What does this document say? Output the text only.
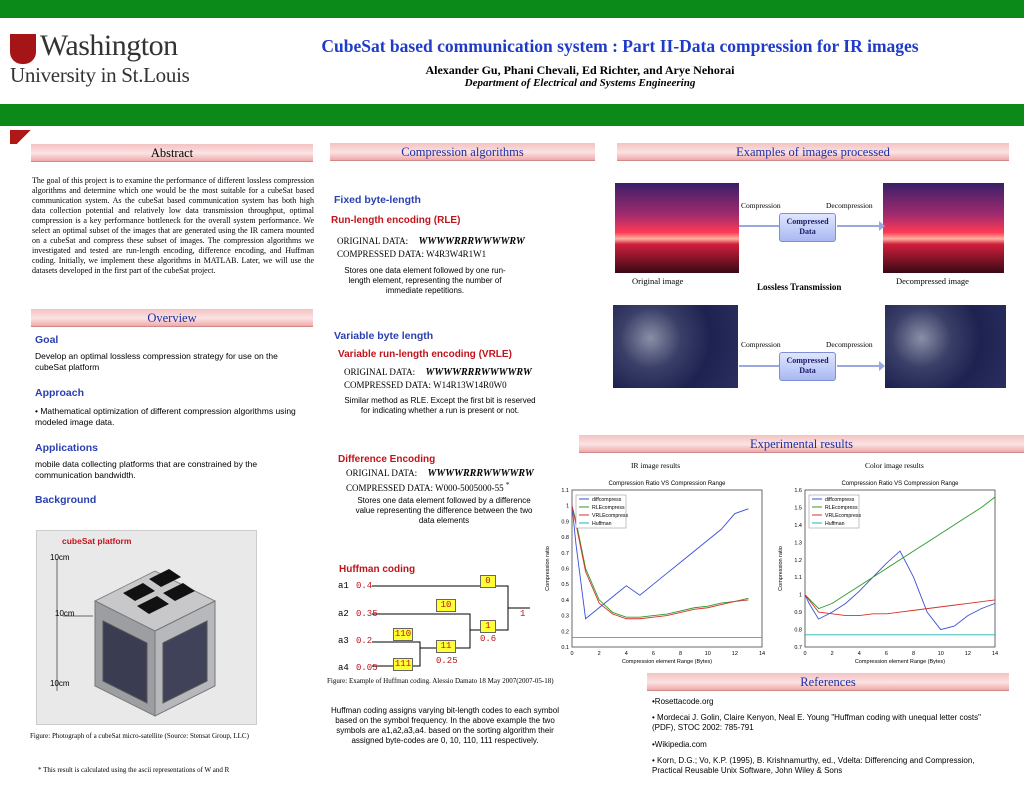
Washington
University in St.Louis
CubeSat based communication system : Part II-Data compression for IR images
Alexander Gu, Phani Chevali, Ed Richter, and Arye Nehorai
Department of Electrical and Systems Engineering
Abstract
The goal of this project is to examine the performance of different lossless compression algorithms and determine which one would be the most suitable for a cubeSat based communication system. As the cubeSat based communication system has both high data collection potential and relatively low data transmission throughput, optimal compression is a key performance bottleneck for the overall system performance. We select an optimal subset of the images that are generated using the IR camera mounted on a cubeSat and compress these subset of images. The compression algorithms we investigated and tested are run-length encoding, difference encoding, and Huffman coding. Initially, we implement these algorithms in MATLAB. Later, we will use the datasets developed in the first part of the cubeSat project.
Overview
Goal
Develop an optimal lossless compression strategy for use on the cubeSat platform
Approach
• Mathematical optimization of different compression algorithms using modeled image data.
Applications
mobile data collecting platforms that are constrained by the communication bandwidth.
Background
cubeSat platform
10cm
10cm
10cm
Figure: Photograph of a cubeSat micro-satellite (Source: Stensat Group, LLC)
* This result is calculated using the ascii representations of W and R
Compression algorithms
Fixed byte-length
Run-length encoding (RLE)
ORIGINAL DATA: WWWWRRRWWWWRW
COMPRESSED DATA: W4R3W4R1W1
Stores one data element followed by one run-length element, representing the number of immediate repetitions.
Variable byte length
Variable run-length encoding (VRLE)
ORIGINAL DATA: WWWWRRRWWWWRW
COMPRESSED DATA: W14R13W14R0W0
Similar method as RLE. Except the first bit is reserved for indicating whether a run is present or not.
Difference Encoding
ORIGINAL DATA: WWWWRRRWWWWRW
COMPRESSED DATA: W000-5005000-55 *
Stores one data element followed by a difference value representing the difference between the two data elements
Huffman coding
a1 0.4
a2 0.35
a3 0.2
a4 0.05
0
10
110
111
1
11
1
0.6
0.25
Figure: Example of Huffman coding. Alessio Damato 18 May 2007(2007-05-18)
Huffman coding assigns varying bit-length codes to each symbol based on the symbol frequency. In the above example the two symbols are a1,a2,a3,a4. based on the sorting algorithm their assigned byte-codes are 0, 10, 110, 111 respectively.
Examples of images processed
Compression	Decompression
Compressed Data
Original image	Decompressed image
Lossless Transmission
Compression	Decompression
Compressed Data
Experimental results
IR image results	Color image results
Compression Ratio VS Compression Range
0	2	4	6	8	10	12	14
1.1
1
0.9
0.8
0.7
0.6
0.5
0.4
0.3
0.2
0.1
Compression element Range (Bytes)
Compression ratio
diffcompress
RLEcompress
VRLEcompress
Huffman
Compression Ratio VS Compression Range
0	2	4	6	8	10	12	14
1.6
1.5
1.4
1.3
1.2
1.1
1
0.9
0.8
0.7
Compression element Range (Bytes)
Compression ratio
diffcompress
RLEcompress
VRLEcompress
Huffman
References
•Rosettacode.org
• Mordecai J. Golin, Claire Kenyon, Neal E. Young "Huffman coding with unequal letter costs" (PDF), STOC 2002: 785-791
•Wikipedia.com
• Korn, D.G.; Vo, K.P. (1995), B. Krishnamurthy, ed., Vdelta: Differencing and Compression, Practical Reusable Unix Software, John Wiley & Sons
